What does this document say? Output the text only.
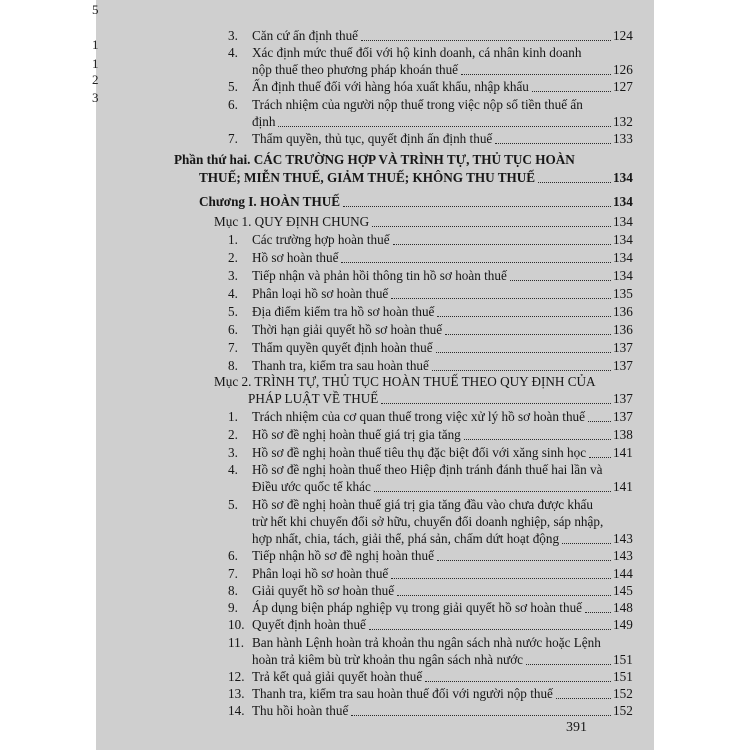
5
1
1
2
3
3. Căn cứ ấn định thuế	124
4. Xác định mức thuế đối với hộ kinh doanh, cá nhân kinh doanh
nộp thuế theo phương pháp khoán thuế	126
5. Ấn định thuế đối với hàng hóa xuất khẩu, nhập khẩu	127
6. Trách nhiệm của người nộp thuế trong việc nộp số tiền thuế ấn
định	132
7. Thẩm quyền, thủ tục, quyết định ấn định thuế	133
Phần thứ hai. CÁC TRƯỜNG HỢP VÀ TRÌNH TỰ, THỦ TỤC HOÀN
THUẾ; MIỄN THUẾ, GIẢM THUẾ; KHÔNG THU THUẾ	134
Chương I. HOÀN THUẾ	134
Mục 1. QUY ĐỊNH CHUNG	134
1. Các trường hợp hoàn thuế	134
2. Hồ sơ hoàn thuế	134
3. Tiếp nhận và phản hồi thông tin hồ sơ hoàn thuế	134
4. Phân loại hồ sơ hoàn thuế	135
5. Địa điểm kiểm tra hồ sơ hoàn thuế	136
6. Thời hạn giải quyết hồ sơ hoàn thuế	136
7. Thẩm quyền quyết định hoàn thuế	137
8. Thanh tra, kiểm tra sau hoàn thuế	137
Mục 2. TRÌNH TỰ, THỦ TỤC HOÀN THUẾ THEO QUY ĐỊNH CỦA
PHÁP LUẬT VỀ THUẾ	137
1. Trách nhiệm của cơ quan thuế trong việc xử lý hồ sơ hoàn thuế 137
2. Hồ sơ đề nghị hoàn thuế giá trị gia tăng	138
3. Hồ sơ đề nghị hoàn thuế tiêu thụ đặc biệt đối với xăng sinh học 141
4. Hồ sơ đề nghị hoàn thuế theo Hiệp định tránh đánh thuế hai lần và
Điều ước quốc tế khác	141
5. Hồ sơ đề nghị hoàn thuế giá trị gia tăng đầu vào chưa được khấu
trừ hết khi chuyển đổi sở hữu, chuyển đổi doanh nghiệp, sáp nhập,
hợp nhất, chia, tách, giải thể, phá sản, chấm dứt hoạt động	143
6. Tiếp nhận hồ sơ đề nghị hoàn thuế	143
7. Phân loại hồ sơ hoàn thuế	144
8. Giải quyết hồ sơ hoàn thuế	145
9. Áp dụng biện pháp nghiệp vụ trong giải quyết hồ sơ hoàn thuế 148
10. Quyết định hoàn thuế	149
11. Ban hành Lệnh hoàn trả khoản thu ngân sách nhà nước hoặc Lệnh
hoàn trả kiêm bù trừ khoản thu ngân sách nhà nước	151
12. Trả kết quả giải quyết hoàn thuế	151
13. Thanh tra, kiểm tra sau hoàn thuế đối với người nộp thuế	152
14. Thu hồi hoàn thuế	152
391
